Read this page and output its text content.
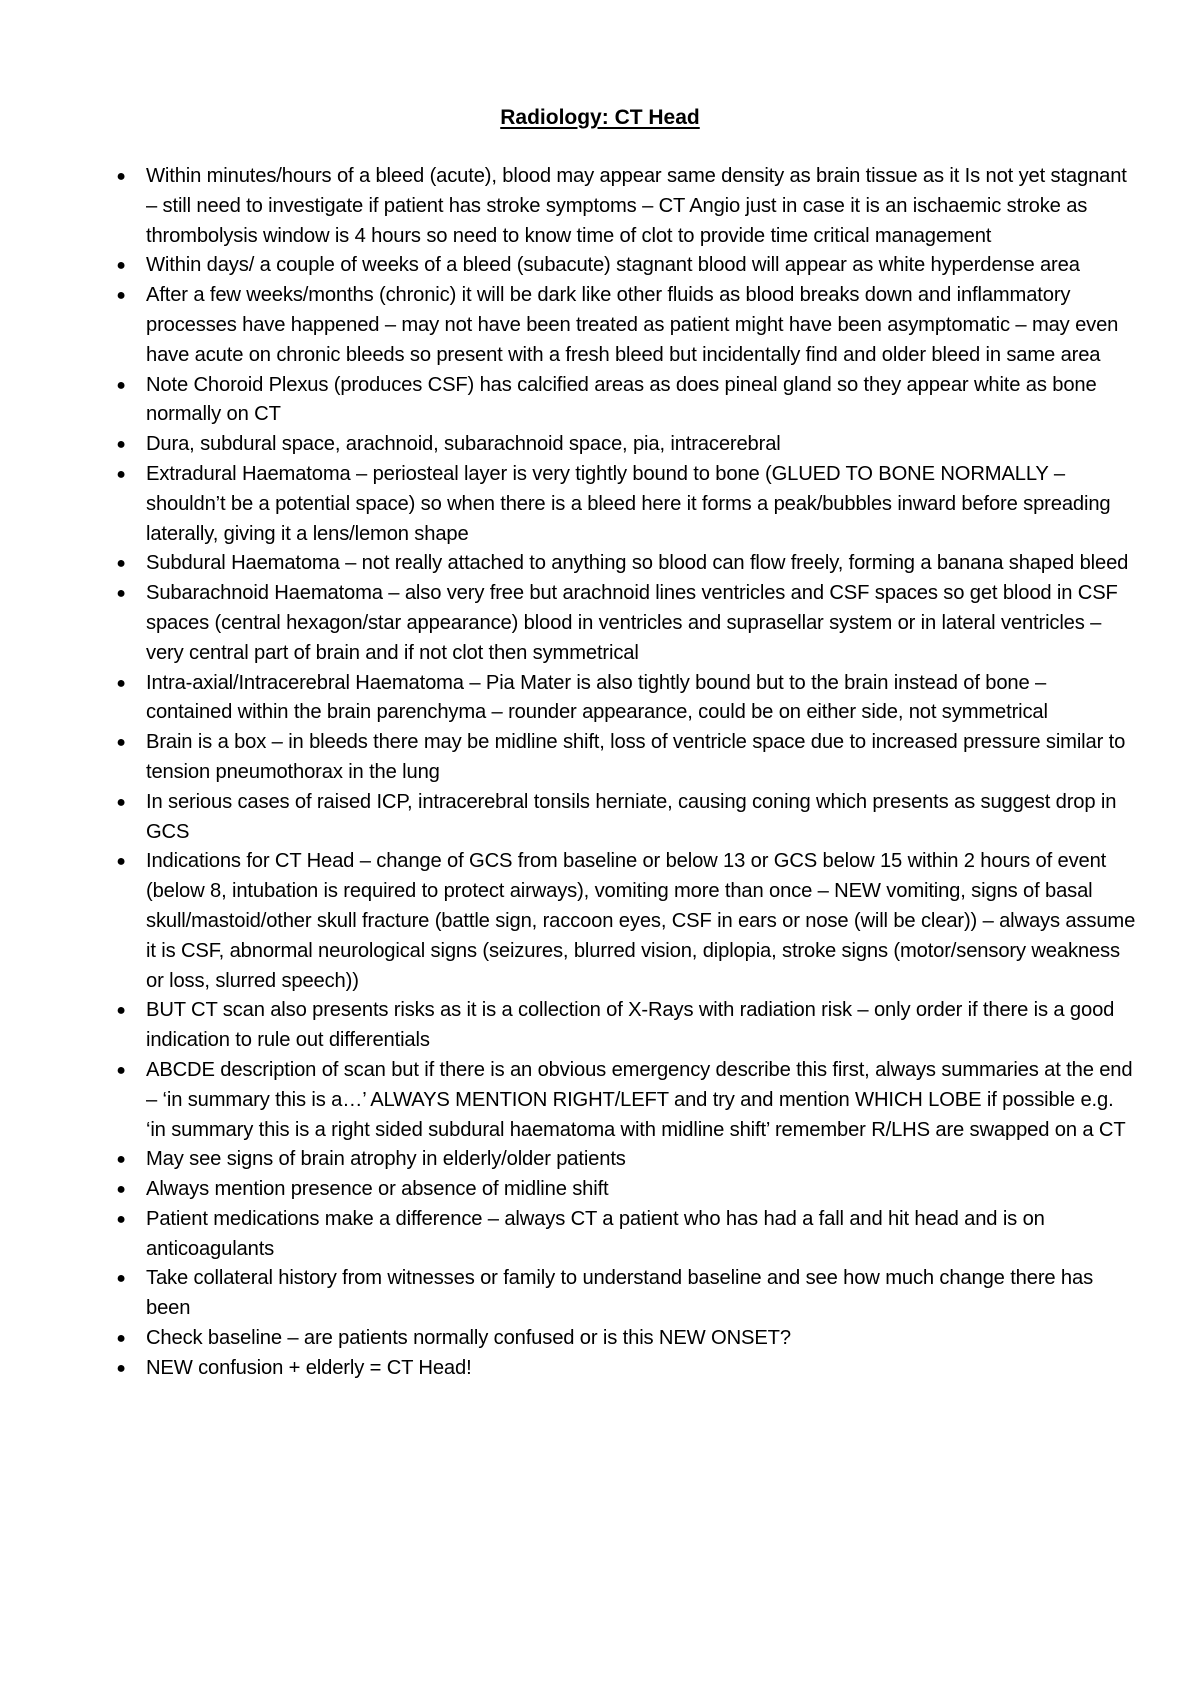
Radiology: CT Head
●
Within minutes/hours of a bleed (acute), blood may appear same density as brain tissue as it Is not yet stagnant – still need to investigate if patient has stroke symptoms – CT Angio just in case it is an ischaemic stroke as thrombolysis window is 4 hours so need to know time of clot to provide time critical management
●
Within days/ a couple of weeks of a bleed (subacute) stagnant blood will appear as white hyperdense area
●
After a few weeks/months (chronic) it will be dark like other fluids as blood breaks down and inflammatory processes have happened – may not have been treated as patient might have been asymptomatic – may even have acute on chronic bleeds so present with a fresh bleed but incidentally find and older bleed in same area
●
Note Choroid Plexus (produces CSF) has calcified areas as does pineal gland so they appear white as bone normally on CT
●
Dura, subdural space, arachnoid, subarachnoid space, pia, intracerebral
●
Extradural Haematoma – periosteal layer is very tightly bound to bone (GLUED TO BONE NORMALLY – shouldn’t be a potential space) so when there is a bleed here it forms a peak/bubbles inward before spreading laterally, giving it a lens/lemon shape
●
Subdural Haematoma – not really attached to anything so blood can flow freely, forming a banana shaped bleed
●
Subarachnoid Haematoma – also very free but arachnoid lines ventricles and CSF spaces so get blood in CSF spaces (central hexagon/star appearance) blood in ventricles and suprasellar system or in lateral ventricles – very central part of brain and if not clot then symmetrical
●
Intra-axial/Intracerebral Haematoma – Pia Mater is also tightly bound but to the brain instead of bone – contained within the brain parenchyma – rounder appearance, could be on either side, not symmetrical
●
Brain is a box – in bleeds there may be midline shift, loss of ventricle space due to increased pressure similar to tension pneumothorax in the lung
●
In serious cases of raised ICP, intracerebral tonsils herniate, causing coning which presents as suggest drop in GCS
●
Indications for CT Head – change of GCS from baseline or below 13 or GCS below 15 within 2 hours of event (below 8, intubation is required to protect airways), vomiting more than once – NEW vomiting, signs of basal skull/mastoid/other skull fracture (battle sign, raccoon eyes, CSF in ears or nose (will be clear)) – always assume it is CSF, abnormal neurological signs (seizures, blurred vision, diplopia, stroke signs (motor/sensory weakness or loss, slurred speech))
●
BUT CT scan also presents risks as it is a collection of X-Rays with radiation risk – only order if there is a good indication to rule out differentials
●
ABCDE description of scan but if there is an obvious emergency describe this first, always summaries at the end – ‘in summary this is a…’ ALWAYS MENTION RIGHT/LEFT and try and mention WHICH LOBE if possible e.g. ‘in summary this is a right sided subdural haematoma with midline shift’ remember R/LHS are swapped on a CT
●
May see signs of brain atrophy in elderly/older patients
●
Always mention presence or absence of midline shift
●
Patient medications make a difference – always CT a patient who has had a fall and hit head and is on anticoagulants
●
Take collateral history from witnesses or family to understand baseline and see how much change there has been
●
Check baseline – are patients normally confused or is this NEW ONSET?
●
NEW confusion + elderly = CT Head!
